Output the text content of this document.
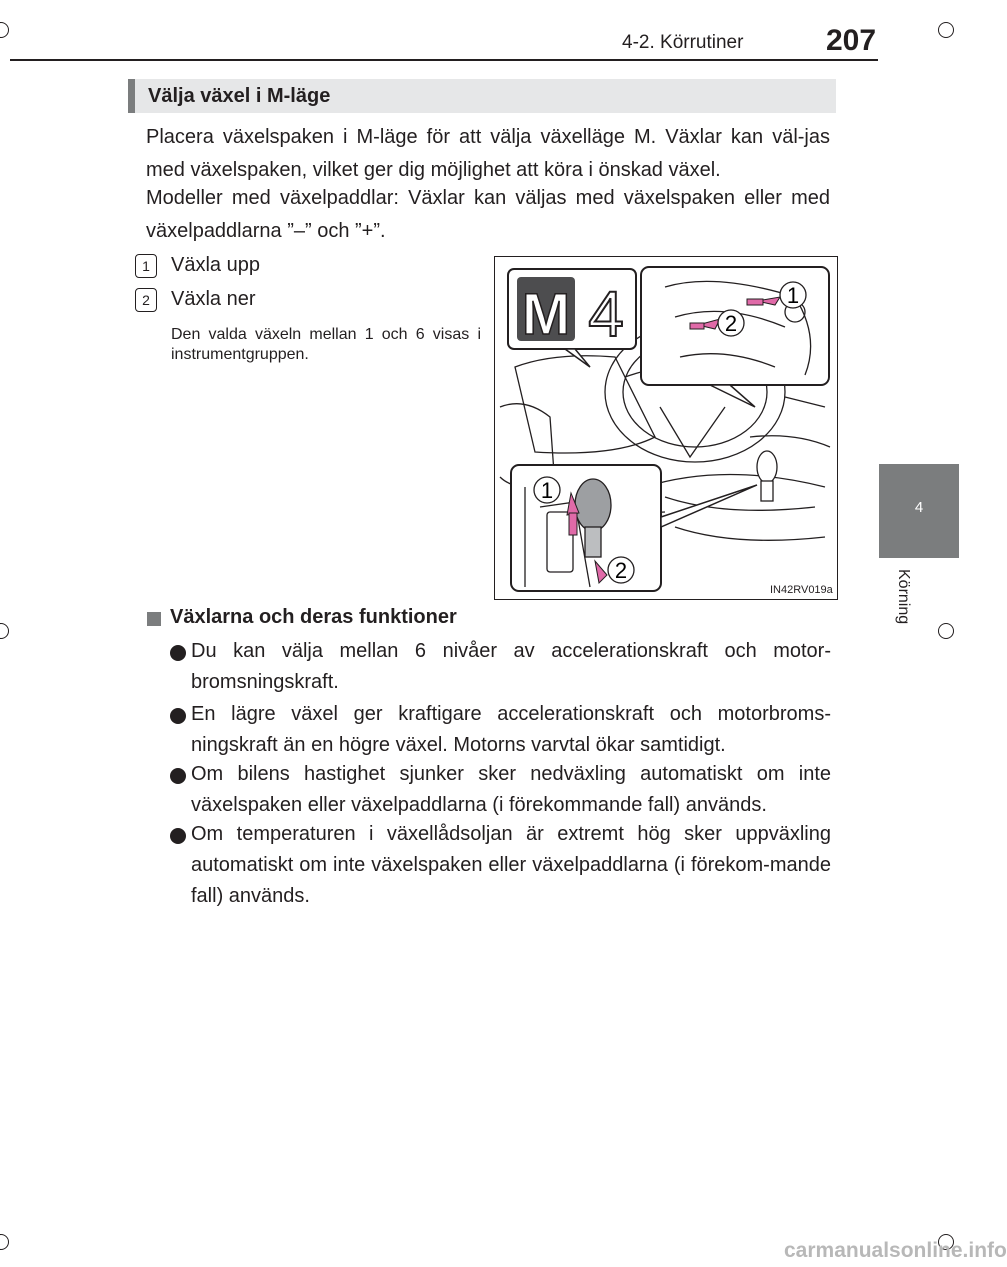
4-2. Körrutiner	207
4
Körning
Välja växel i M-läge
Placera växelspaken i M-läge för att välja växelläge M. Växlar kan väl-jas med växelspaken, vilket ger dig möjlighet att köra i önskad växel.
Modeller med växelpaddlar: Växlar kan väljas med växelspaken eller med växelpaddlarna ”–” och ”+”.
1	Växla upp
2	Växla ner
Den valda växeln mellan 1 och 6 visas i instrumentgruppen.
M 4	1
2
1
2
IN42RV019a
Växlarna och deras funktioner
Du kan välja mellan 6 nivåer av accelerationskraft och motor-bromsningskraft.
En lägre växel ger kraftigare accelerationskraft och motorbroms-ningskraft än en högre växel. Motorns varvtal ökar samtidigt.
Om bilens hastighet sjunker sker nedväxling automatiskt om inte växelspaken eller växelpaddlarna (i förekommande fall) används.
Om temperaturen i växellådsoljan är extremt hög sker uppväxling automatiskt om inte växelspaken eller växelpaddlarna (i förekom-mande fall) används.
carmanualsonline.info
